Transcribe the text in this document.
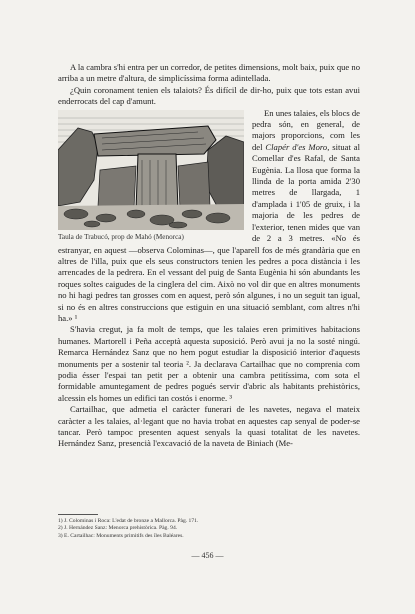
A la cambra s'hi entra per un corredor, de petites dimensions, molt baix, puix que no arriba a un metre d'altura, de simplicíssima forma adintellada.

¿Quin coronament tenien els talaiots? És difícil de dir-ho, puix que tots estan avui enderrocats del cap d'amunt.

Taula de Trabucó, prop de Mahó (Menorca)

En unes talaies, els blocs de pedra són, en general, de majors proporcions, com les del Clapér d'es Moro, situat al Comellar d'es Rafal, de Santa Eugènia. La llosa que forma la llinda de la porta amida 2'30 metres de llargada, 1 d'amplada i 1'05 de gruix, i la majoria de les pedres de l'exterior, tenen mides que van de 2 a 3 metres. «No és estranyar, en aquest —observa Colominas—, que l'aparell fos de més grandària que en altres de l'illa, puix que els seus constructors tenien les pedres a poca distància i les arrencades de la pedrera. En el vessant del puig de Santa Eugènia hi són abundants les roques soltes caigudes de la cinglera del cim. Això no vol dir que en altres monuments no hi hagi pedres tan grosses com en aquest, però són algunes, i no un seguit tan igual, si no és en altres construccions que estiguin en una situació semblant, com altres n'hi ha.» ¹

S'havia cregut, ja fa molt de temps, que les talaies eren primitives habitacions humanes. Martorell i Peña acceptà aquesta suposició. Però avui ja no la sosté ningú. Remarca Hernández Sanz que no hem pogut estudiar la disposició interior d'aquests monuments per a sostenir tal teoria ². Ja declarava Cartailhac que no comprenia com podia ésser l'espai tan petit per a obtenir una cambra petitíssima, com sota el formidable amuntegament de pedres pogués servir d'abric als habitants prehistòrics, alcessin els homes un edifici tan costós i enorme. ³

Cartailhac, que admetia el caràcter funerari de les navetes, negava el mateix caràcter a les talaies, al·legant que no havia trobat en aquestes cap senyal de poder-se tancar. Però tampoc presenten aquest senyals la quasi totalitat de les navetes. Hernández Sanz, presencià l'excavació de la naveta de Biniach (Me-

1) J. Colominas i Roca: L'edat de bronze a Mallorca. Pàg. 171.
2) J. Hernández Sanz: Menorca prehistòrica. Pàg. 94.
3) E. Cartailhac: Monuments primitifs des îles Baléares.
— 456 —
